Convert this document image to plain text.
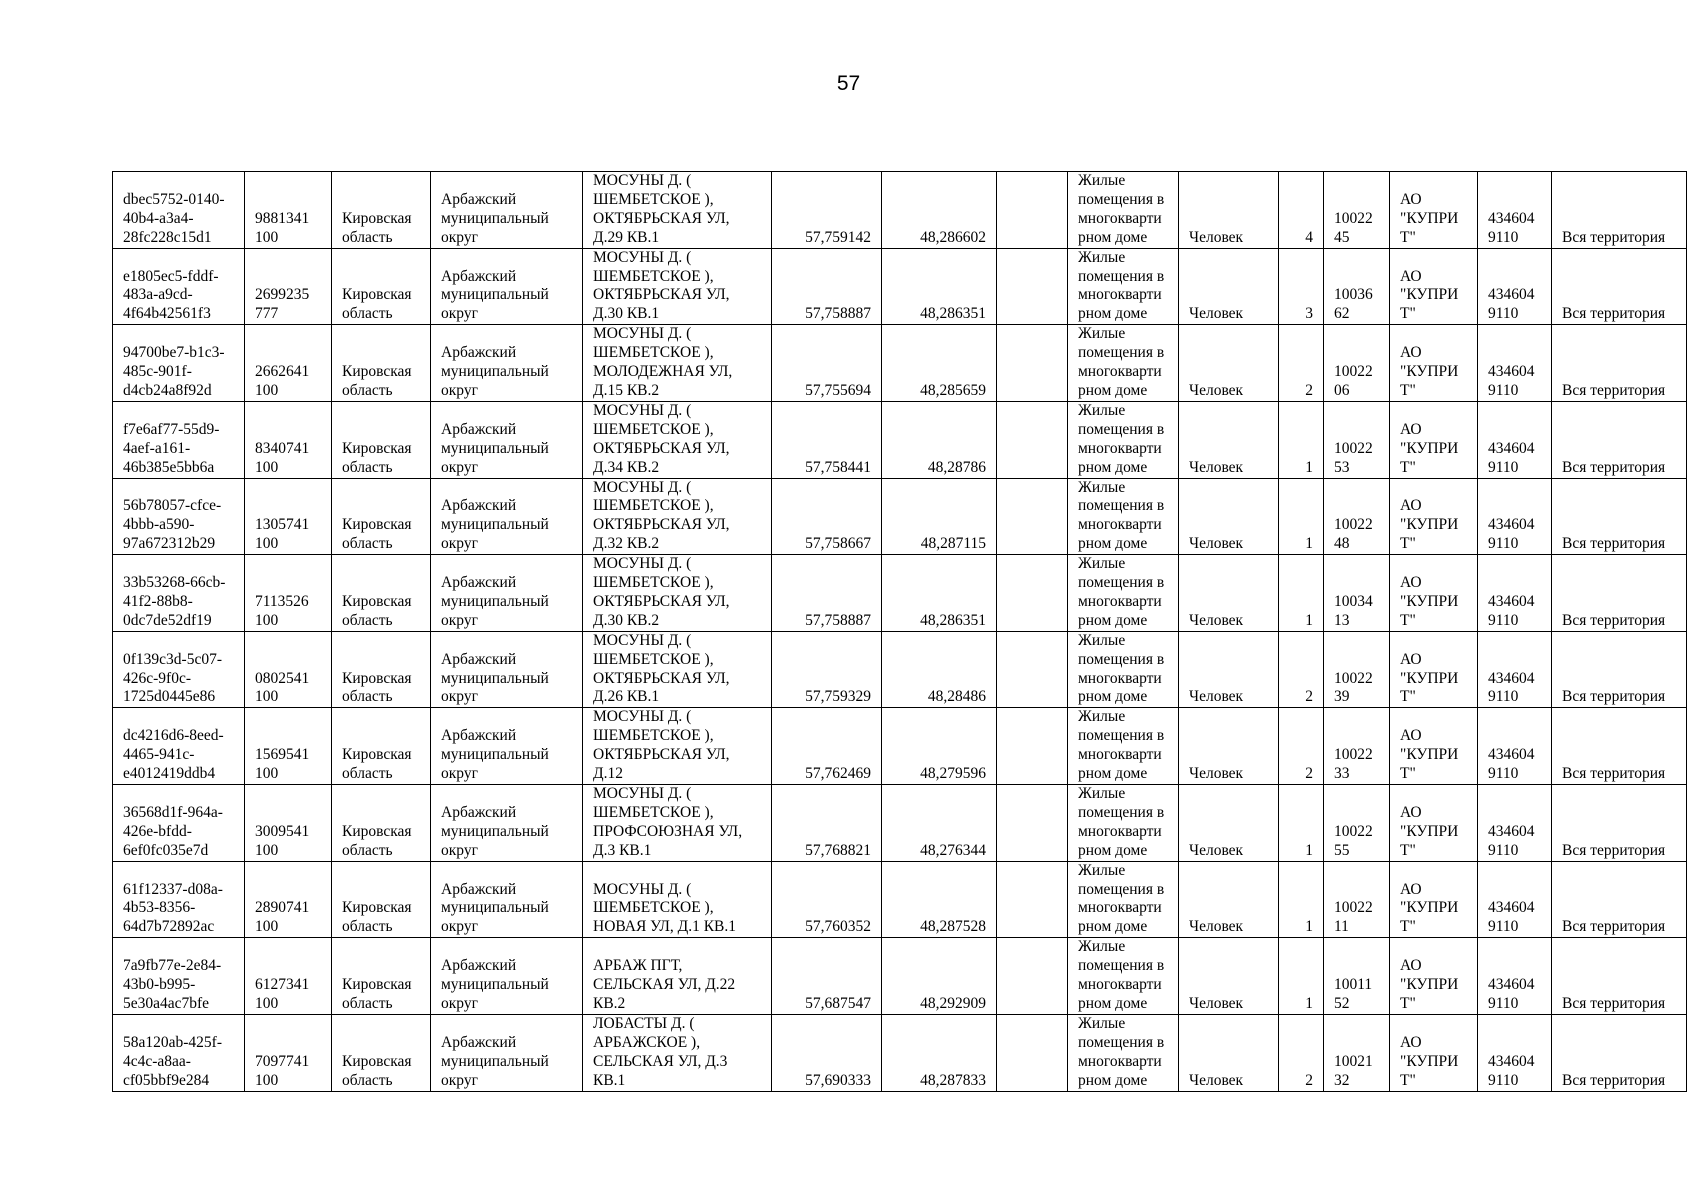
57
dbec5752-0140-
40b4-a3a4-
28fc228c15d1	9881341
100	Кировская
область	Арбажский
муниципальный
округ	МОСУНЫ Д. (
ШЕМБЕТСКОЕ ),
ОКТЯБРЬСКАЯ УЛ,
Д.29 КВ.1	57,759142	48,286602		Жилые
помещения в
многокварти
рном доме	Человек	4	10022
45	АО
"КУПРИ
Т"	434604
9110	Вся территория
e1805ec5-fddf-
483a-a9cd-
4f64b42561f3	2699235
777	Кировская
область	Арбажский
муниципальный
округ	МОСУНЫ Д. (
ШЕМБЕТСКОЕ ),
ОКТЯБРЬСКАЯ УЛ,
Д.30 КВ.1	57,758887	48,286351		Жилые
помещения в
многокварти
рном доме	Человек	3	10036
62	АО
"КУПРИ
Т"	434604
9110	Вся территория
94700be7-b1c3-
485c-901f-
d4cb24a8f92d	2662641
100	Кировская
область	Арбажский
муниципальный
округ	МОСУНЫ Д. (
ШЕМБЕТСКОЕ ),
МОЛОДЕЖНАЯ УЛ,
Д.15 КВ.2	57,755694	48,285659		Жилые
помещения в
многокварти
рном доме	Человек	2	10022
06	АО
"КУПРИ
Т"	434604
9110	Вся территория
f7e6af77-55d9-
4aef-a161-
46b385e5bb6a	8340741
100	Кировская
область	Арбажский
муниципальный
округ	МОСУНЫ Д. (
ШЕМБЕТСКОЕ ),
ОКТЯБРЬСКАЯ УЛ,
Д.34 КВ.2	57,758441	48,28786		Жилые
помещения в
многокварти
рном доме	Человек	1	10022
53	АО
"КУПРИ
Т"	434604
9110	Вся территория
56b78057-cfce-
4bbb-a590-
97a672312b29	1305741
100	Кировская
область	Арбажский
муниципальный
округ	МОСУНЫ Д. (
ШЕМБЕТСКОЕ ),
ОКТЯБРЬСКАЯ УЛ,
Д.32 КВ.2	57,758667	48,287115		Жилые
помещения в
многокварти
рном доме	Человек	1	10022
48	АО
"КУПРИ
Т"	434604
9110	Вся территория
33b53268-66cb-
41f2-88b8-
0dc7de52df19	7113526
100	Кировская
область	Арбажский
муниципальный
округ	МОСУНЫ Д. (
ШЕМБЕТСКОЕ ),
ОКТЯБРЬСКАЯ УЛ,
Д.30 КВ.2	57,758887	48,286351		Жилые
помещения в
многокварти
рном доме	Человек	1	10034
13	АО
"КУПРИ
Т"	434604
9110	Вся территория
0f139c3d-5c07-
426c-9f0c-
1725d0445e86	0802541
100	Кировская
область	Арбажский
муниципальный
округ	МОСУНЫ Д. (
ШЕМБЕТСКОЕ ),
ОКТЯБРЬСКАЯ УЛ,
Д.26 КВ.1	57,759329	48,28486		Жилые
помещения в
многокварти
рном доме	Человек	2	10022
39	АО
"КУПРИ
Т"	434604
9110	Вся территория
dc4216d6-8eed-
4465-941c-
e4012419ddb4	1569541
100	Кировская
область	Арбажский
муниципальный
округ	МОСУНЫ Д. (
ШЕМБЕТСКОЕ ),
ОКТЯБРЬСКАЯ УЛ,
Д.12	57,762469	48,279596		Жилые
помещения в
многокварти
рном доме	Человек	2	10022
33	АО
"КУПРИ
Т"	434604
9110	Вся территория
36568d1f-964a-
426e-bfdd-
6ef0fc035e7d	3009541
100	Кировская
область	Арбажский
муниципальный
округ	МОСУНЫ Д. (
ШЕМБЕТСКОЕ ),
ПРОФСОЮЗНАЯ УЛ,
Д.3 КВ.1	57,768821	48,276344		Жилые
помещения в
многокварти
рном доме	Человек	1	10022
55	АО
"КУПРИ
Т"	434604
9110	Вся территория
61f12337-d08a-
4b53-8356-
64d7b72892ac	2890741
100	Кировская
область	Арбажский
муниципальный
округ	МОСУНЫ Д. (
ШЕМБЕТСКОЕ ),
НОВАЯ УЛ, Д.1 КВ.1	57,760352	48,287528		Жилые
помещения в
многокварти
рном доме	Человек	1	10022
11	АО
"КУПРИ
Т"	434604
9110	Вся территория
7a9fb77e-2e84-
43b0-b995-
5e30a4ac7bfe	6127341
100	Кировская
область	Арбажский
муниципальный
округ	АРБАЖ ПГТ,
СЕЛЬСКАЯ УЛ, Д.22
КВ.2	57,687547	48,292909		Жилые
помещения в
многокварти
рном доме	Человек	1	10011
52	АО
"КУПРИ
Т"	434604
9110	Вся территория
58a120ab-425f-
4c4c-a8aa-
cf05bbf9e284	7097741
100	Кировская
область	Арбажский
муниципальный
округ	ЛОБАСТЫ Д. (
АРБАЖСКОЕ ),
СЕЛЬСКАЯ УЛ, Д.3
КВ.1	57,690333	48,287833		Жилые
помещения в
многокварти
рном доме	Человек	2	10021
32	АО
"КУПРИ
Т"	434604
9110	Вся территория
